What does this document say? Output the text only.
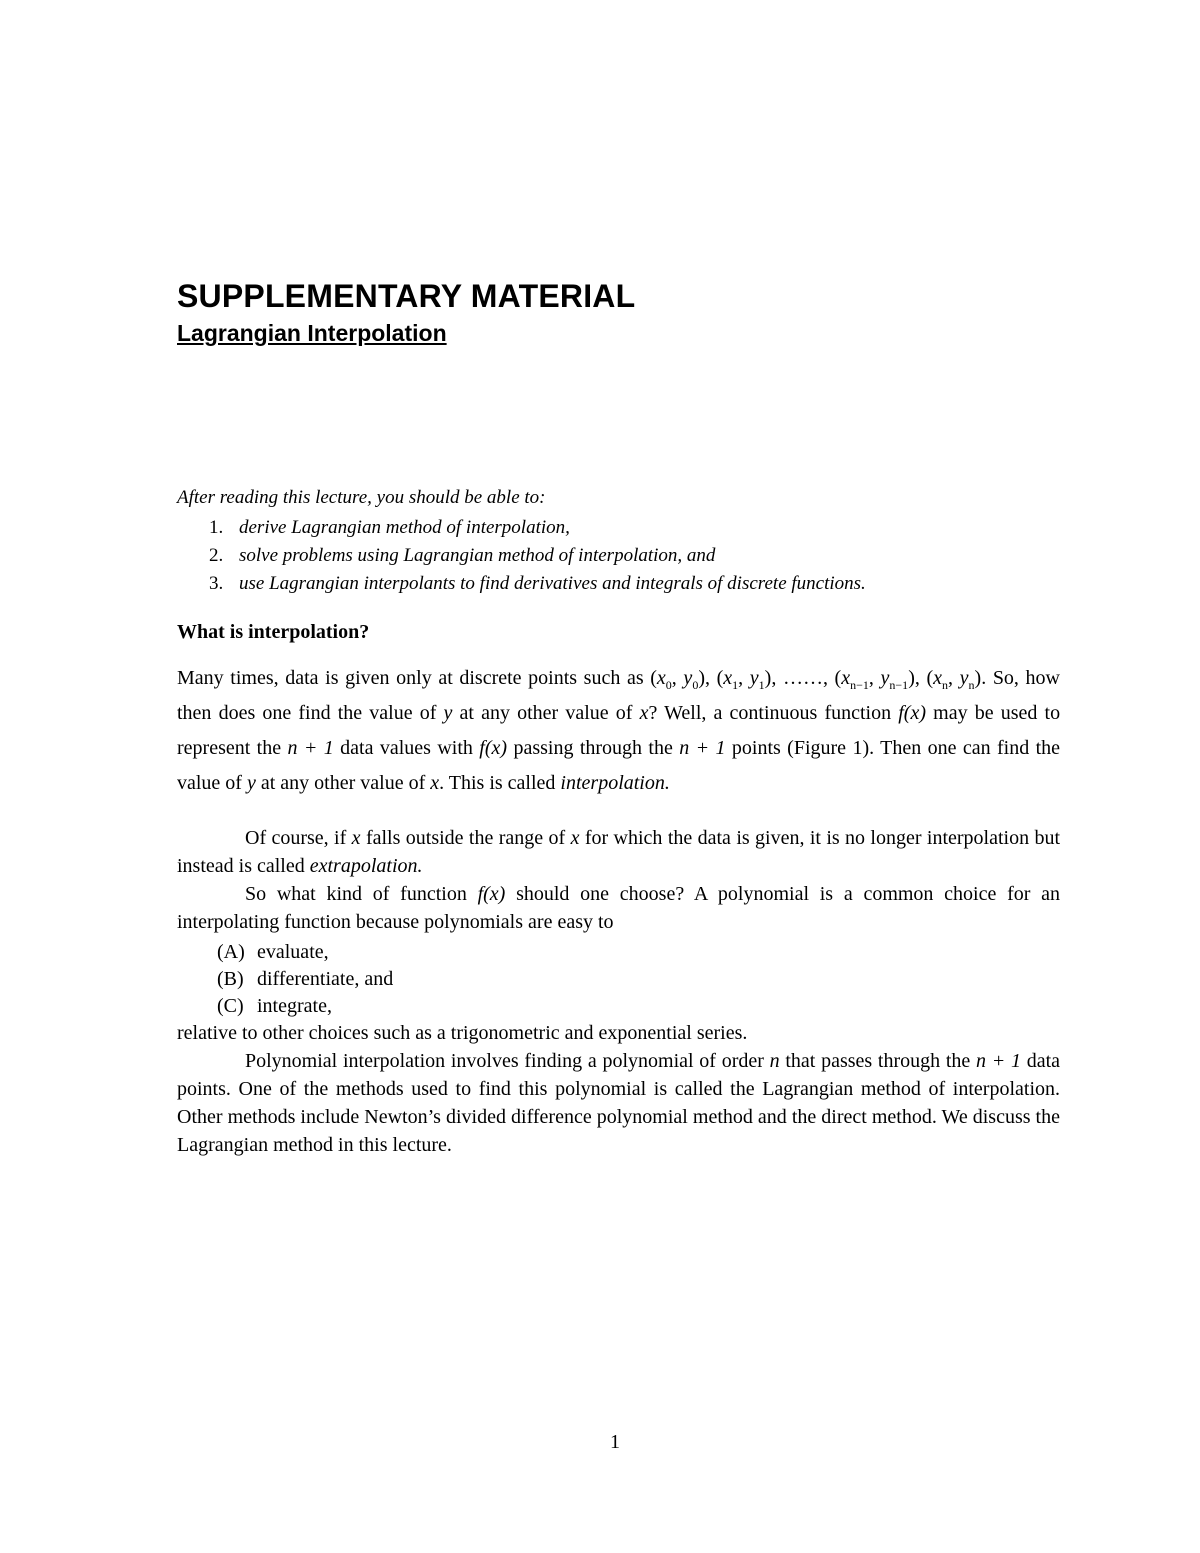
SUPPLEMENTARY MATERIAL
Lagrangian Interpolation
After reading this lecture, you should be able to:
1. derive Lagrangian method of interpolation,
2. solve problems using Lagrangian method of interpolation, and
3. use Lagrangian interpolants to find derivatives and integrals of discrete functions.
What is interpolation?

Many times, data is given only at discrete points such as ($x_0$, $y_0$), ($x_1$, $y_1$), ……, ($x_{n-1}$, $y_{n-1}$), ($x_n$, $y_n$). So, how then does one find the value of y at any other value of x? Well, a continuous function f(x) may be used to represent the n + 1 data values with f(x) passing through the n + 1 points (Figure 1). Then one can find the value of y at any other value of x. This is called interpolation.

Of course, if x falls outside the range of x for which the data is given, it is no longer interpolation but instead is called extrapolation.

So what kind of function f(x) should one choose? A polynomial is a common choice for an interpolating function because polynomials are easy to

(A) evaluate,
(B) differentiate, and
(C) integrate,

relative to other choices such as a trigonometric and exponential series.

Polynomial interpolation involves finding a polynomial of order n that passes through the n + 1 data points. One of the methods used to find this polynomial is called the Lagrangian method of interpolation. Other methods include Newton’s divided difference polynomial method and the direct method. We discuss the Lagrangian method in this lecture.

1
